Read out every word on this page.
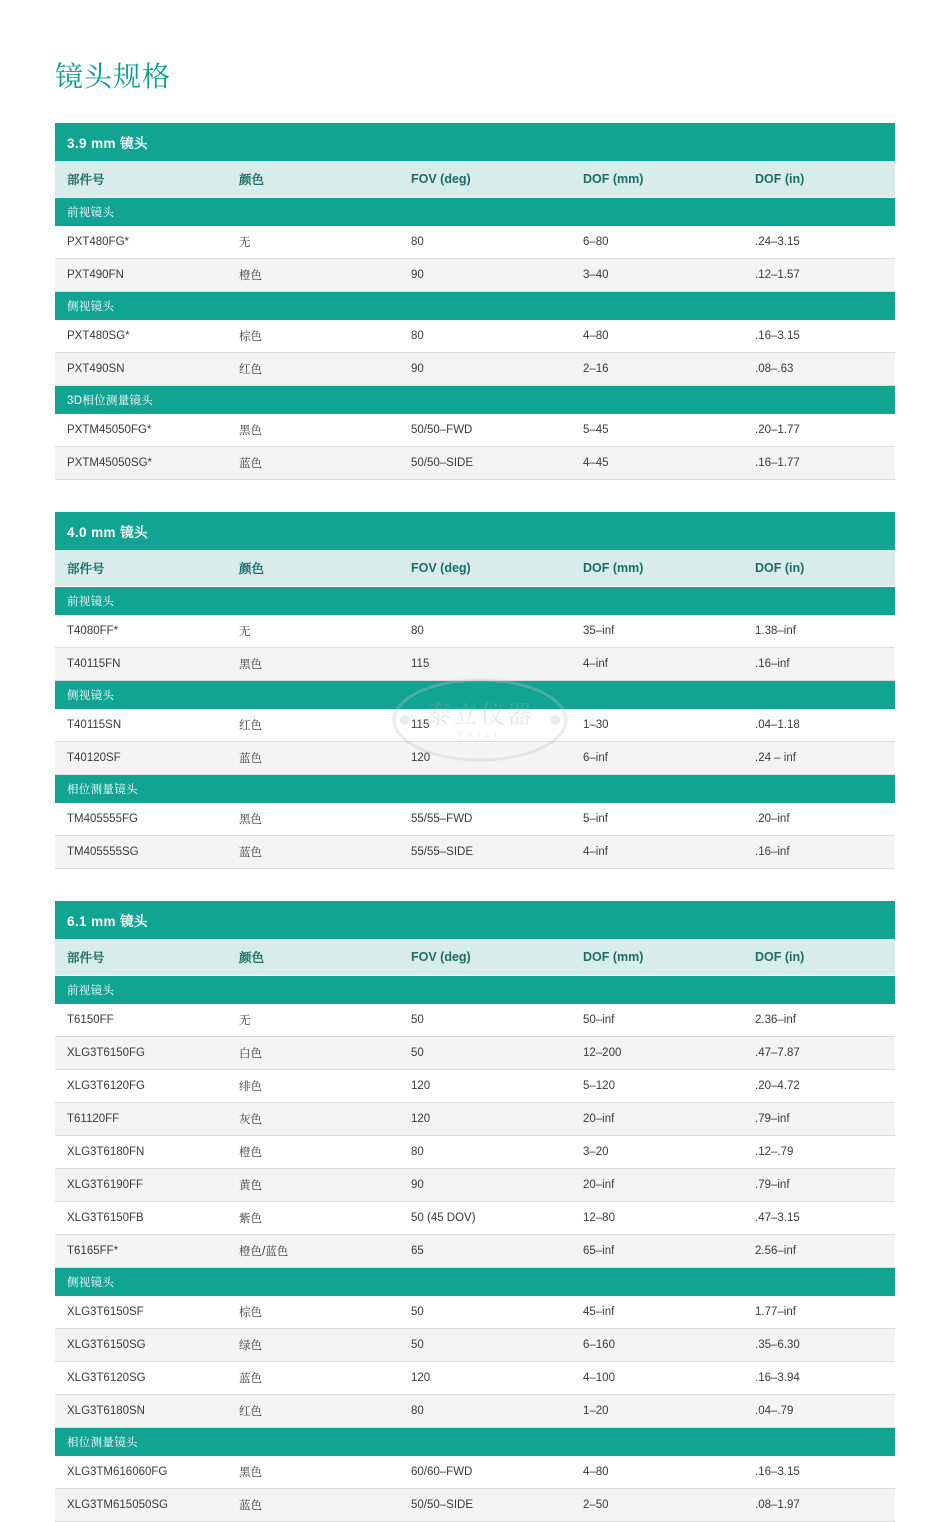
镜头规格
3.9 mm 镜头				
部件号	颜色	FOV (deg)	DOF (mm)	DOF (in)
前视镜头				
PXT480FG*	无	80	6–80	.24–3.15
PXT490FN	橙色	90	3–40	.12–1.57
侧视镜头				
PXT480SG*	棕色	80	4–80	.16–3.15
PXT490SN	红色	90	2–16	.08–.63
3D相位测量镜头				
PXTM45050FG*	黑色	50/50–FWD	5–45	.20–1.77
PXTM45050SG*	蓝色	50/50–SIDE	4–45	.16–1.77
4.0 mm 镜头				
部件号	颜色	FOV (deg)	DOF (mm)	DOF (in)
前视镜头				
T4080FF*	无	80	35–inf	1.38–inf
T40115FN	黑色	115	4–inf	.16–inf
侧视镜头				
T40115SN	红色	115	1–30	.04–1.18
T40120SF	蓝色	120	6–inf	.24 – inf
相位测量镜头				
TM405555FG	黑色	55/55–FWD	5–inf	.20–inf
TM405555SG	蓝色	55/55–SIDE	4–inf	.16–inf
6.1 mm 镜头				
部件号	颜色	FOV (deg)	DOF (mm)	DOF (in)
前视镜头				
T6150FF	无	50	50–inf	2.36–inf
XLG3T6150FG	白色	50	12–200	.47–7.87
XLG3T6120FG	绯色	120	5–120	.20–4.72
T61120FF	灰色	120	20–inf	.79–inf
XLG3T6180FN	橙色	80	3–20	.12–.79
XLG3T6190FF	黄色	90	20–inf	.79–inf
XLG3T6150FB	紫色	50 (45 DOV)	12–80	.47–3.15
T6165FF*	橙色/蓝色	65	65–inf	2.56–inf
侧视镜头				
XLG3T6150SF	棕色	50	45–inf	1.77–inf
XLG3T6150SG	绿色	50	6–160	.35–6.30
XLG3T6120SG	蓝色	120	4–100	.16–3.94
XLG3T6180SN	红色	80	1–20	.04–.79
相位测量镜头				
XLG3TM616060FG	黑色	60/60–FWD	4–80	.16–3.15
XLG3TM615050SG	蓝色	50/50–SIDE	2–50	.08–1.97
泰立仪器
TAILI
